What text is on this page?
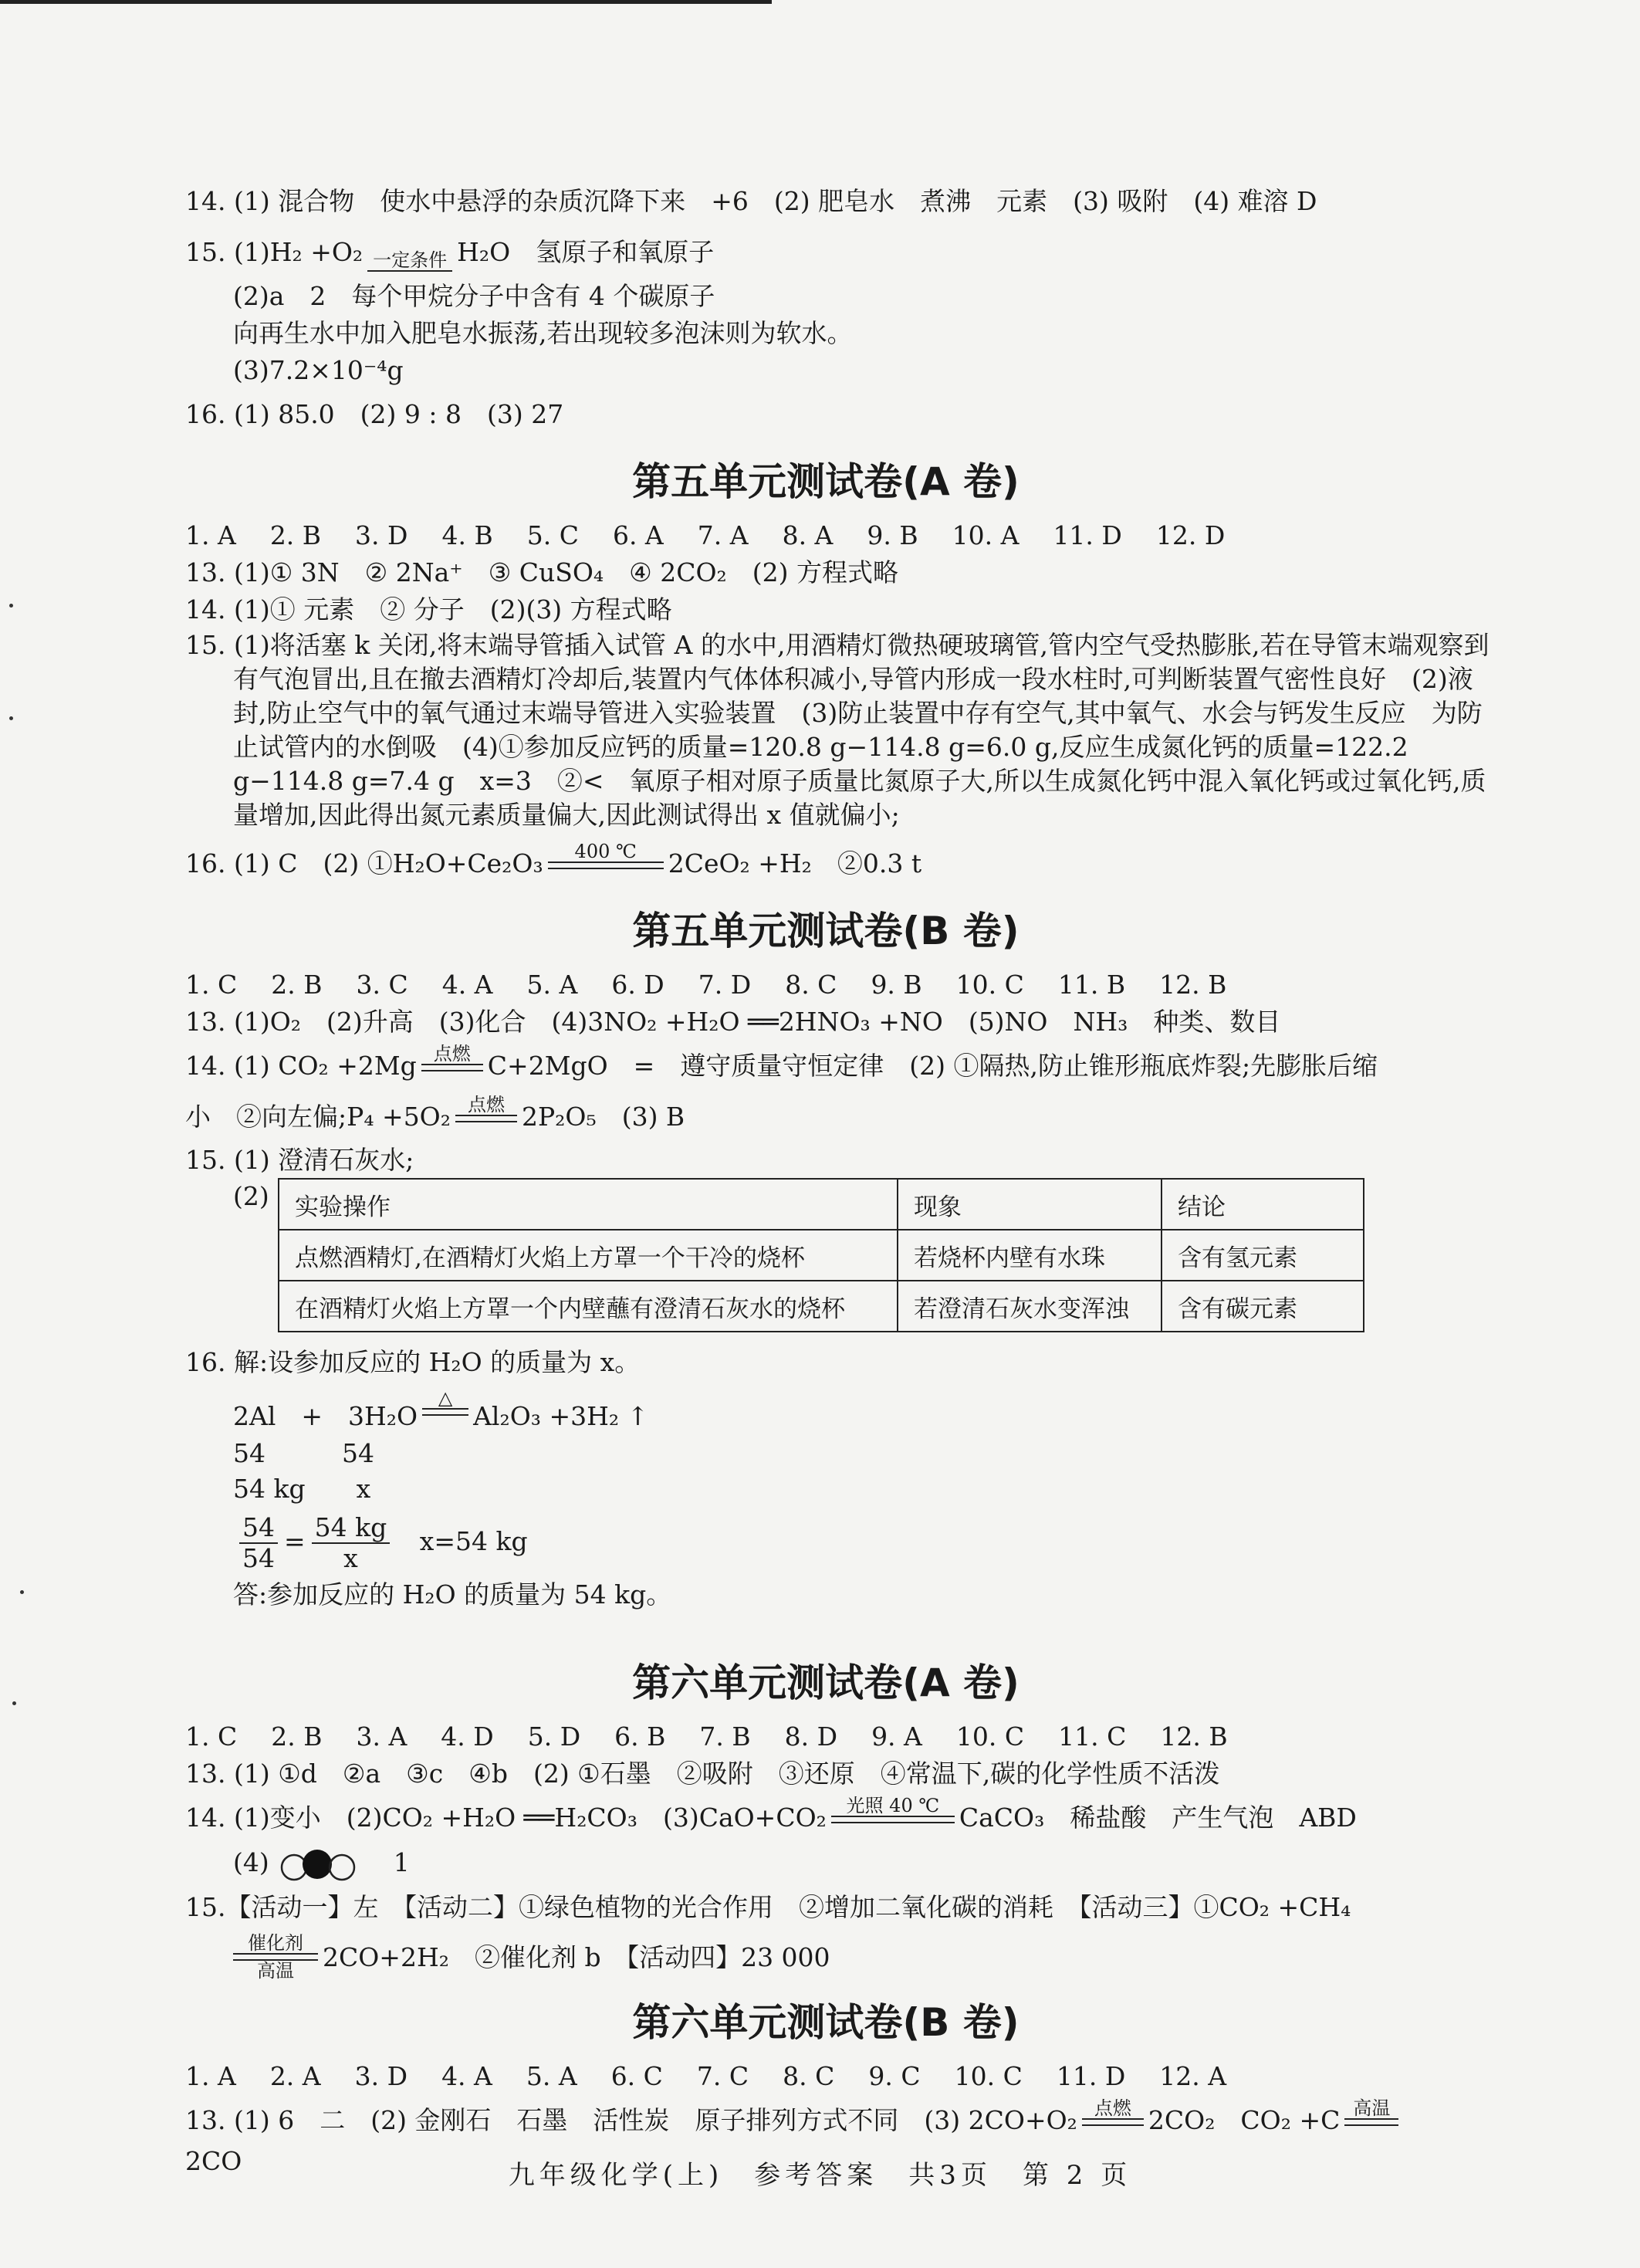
14. (1) 混合物　使水中悬浮的杂质沉降下来　+6　(2) 肥皂水　煮沸　元素　(3) 吸附　(4) 难溶 D
15. (1)H₂ +O₂ 一定条件 H₂O　氢原子和氧原子
(2)a　2　每个甲烷分子中含有 4 个碳原子
向再生水中加入肥皂水振荡,若出现较多泡沫则为软水。
(3)7.2×10⁻⁴g
16. (1) 85.0　(2) 9 : 8　(3) 27
第五单元测试卷(A 卷)
1. A 2. B 3. D 4. B 5. C 6. A 7. A 8. A 9. B 10. A 11. D 12. D
13. (1)① 3N　② 2Na⁺　③ CuSO₄　④ 2CO₂　(2) 方程式略
14. (1)① 元素　② 分子　(2)(3) 方程式略
15. (1)将活塞 k 关闭,将末端导管插入试管 A 的水中,用酒精灯微热硬玻璃管,管内空气受热膨胀,若在导管末端观察到有气泡冒出,且在撤去酒精灯冷却后,装置内气体体积减小,导管内形成一段水柱时,可判断装置气密性良好　(2)液封,防止空气中的氧气通过末端导管进入实验装置　(3)防止装置中存有空气,其中氧气、水会与钙发生反应　为防止试管内的水倒吸　(4)①参加反应钙的质量=120.8 g−114.8 g=6.0 g,反应生成氮化钙的质量=122.2 g−114.8 g=7.4 g　x=3　②<　氧原子相对原子质量比氮原子大,所以生成氮化钙中混入氧化钙或过氧化钙,质量增加,因此得出氮元素质量偏大,因此测试得出 x 值就偏小;
16. (1) C　(2) ①H₂O+Ce₂O₃	400 ℃
	2CeO₂ +H₂　②0.3 t
第五单元测试卷(B 卷)
1. C 2. B 3. C 4. A 5. A 6. D 7. D 8. C 9. B 10. C 11. B 12. B
13. (1)O₂　(2)升高　(3)化合　(4)3NO₂ +H₂O ══2HNO₃ +NO　(5)NO　NH₃　种类、数目
14. (1) CO₂ +2Mg 点燃
C+2MgO　=　遵守质量守恒定律　(2) ①隔热,防止锥形瓶底炸裂;先膨胀后缩
小　②向左偏;P₄ +5O₂ 点燃
2P₂O₅　(3) B
15. (1) 澄清石灰水;
(2) 实验操作	现象	结论
点燃酒精灯,在酒精灯火焰上方罩一个干冷的烧杯	若烧杯内壁有水珠	含有氢元素
在酒精灯火焰上方罩一个内壁蘸有澄清石灰水的烧杯	若澄清石灰水变浑浊	含有碳元素
16. 解:设参加反应的 H₂O 的质量为 x。
2Al　+　3H₂O
△

Al₂O₃ +3H₂ ↑
54　　　54
54 kg　　x
$\frac{54}{54} = \frac{54 kg}{x} x=54$ kg
答:参加反应的 H₂O 的质量为 54 kg。
第六单元测试卷(A 卷)
1. C 2. B 3. A 4. D 5. D 6. B 7. B 8. D 9. A 10. C 11. C 12. B
13. (1) ①d　②a　③c　④b　(2) ①石墨　②吸附　③还原　④常温下,碳的化学性质不活泼
14. (1)变小　(2)CO₂ +H₂O ══H₂CO₃　(3)CaO+CO₂	光照 40 ℃
CaCO₃　稀盐酸　产生气泡　ABD
(4)	1
15.【活动一】左　【活动二】①绿色植物的光合作用　②增加二氧化碳的消耗　【活动三】①CO₂ +CH₄
催化剂
高温	2CO+2H₂　②催化剂 b　【活动四】23 000
第六单元测试卷(B 卷)
1. A 2. A 3. D 4. A 5. A 6. C 7. C 8. C 9. C 10. C 11. D 12. A
13. (1) 6　二　(2) 金刚石　石墨　活性炭　原子排列方式不同　(3) 2CO+O₂ 点燃
2CO₂　CO₂ +C 高温

2CO	九年级化学(上)　参考答案　共3页　第 2 页
